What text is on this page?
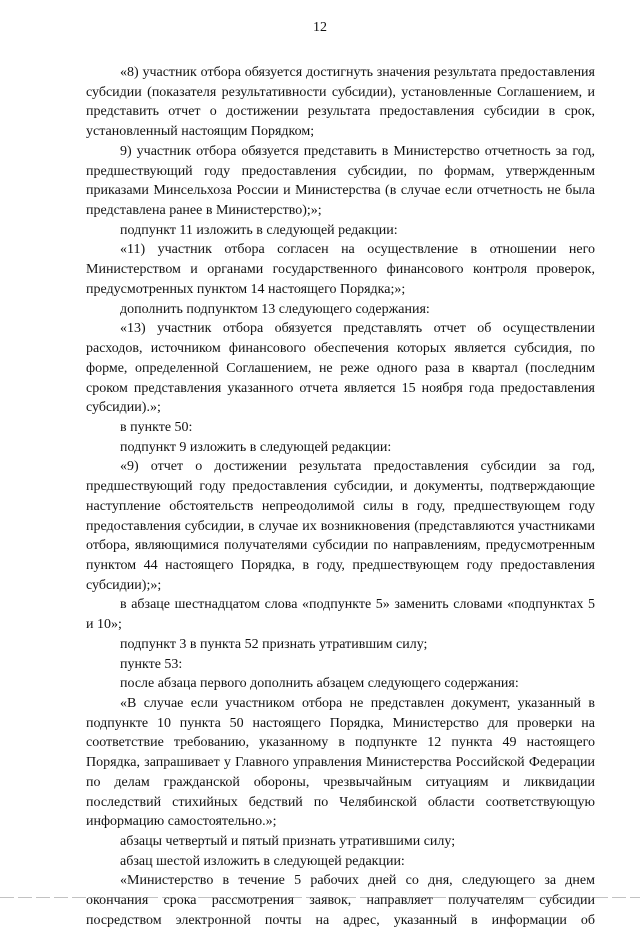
12

«8) участник отбора обязуется достигнуть значения результата предоставления субсидии (показателя результативности субсидии), установленные Соглашением, и представить отчет о достижении результата предоставления субсидии в срок, установленный настоящим Порядком;

9) участник отбора обязуется представить в Министерство отчетность за год, предшествующий году предоставления субсидии, по формам, утвержденным приказами Минсельхоза России и Министерства (в случае если отчетность не была представлена ранее в Министерство);»;

подпункт 11 изложить в следующей редакции:

«11) участник отбора согласен на осуществление в отношении него Министерством и органами государственного финансового контроля проверок, предусмотренных пунктом 14 настоящего Порядка;»;

дополнить подпунктом 13 следующего содержания:

«13) участник отбора обязуется представлять отчет об осуществлении расходов, источником финансового обеспечения которых является субсидия, по форме, определенной Соглашением, не реже одного раза в квартал (последним сроком представления указанного отчета является 15 ноября года предоставления субсидии).»;

в пункте 50:

подпункт 9 изложить в следующей редакции:

«9) отчет о достижении результата предоставления субсидии за год, предшествующий году предоставления субсидии, и документы, подтверждающие наступление обстоятельств непреодолимой силы в году, предшествующем году предоставления субсидии, в случае их возникновения (представляются участниками отбора, являющимися получателями субсидии по направлениям, предусмотренным пунктом 44 настоящего Порядка, в году, предшествующем году предоставления субсидии);»;

в абзаце шестнадцатом слова «подпункте 5» заменить словами «подпунктах 5 и 10»;

подпункт 3 в пункта 52 признать утратившим силу;

пункте 53:

после абзаца первого дополнить абзацем следующего содержания:

«В случае если участником отбора не представлен документ, указанный в подпункте 10 пункта 50 настоящего Порядка, Министерство для проверки на соответствие требованию, указанному в подпункте 12 пункта 49 настоящего Порядка, запрашивает у Главного управления Министерства Российской Федерации по делам гражданской обороны, чрезвычайным ситуациям и ликвидации последствий стихийных бедствий по Челябинской области соответствующую информацию самостоятельно.»;

абзацы четвертый и пятый признать утратившими силу;

абзац шестой изложить в следующей редакции:

«Министерство в течение 5 рабочих дней со дня, следующего за днем окончания срока рассмотрения заявок, направляет получателям субсидии посредством электронной почты на адрес, указанный в информации об
